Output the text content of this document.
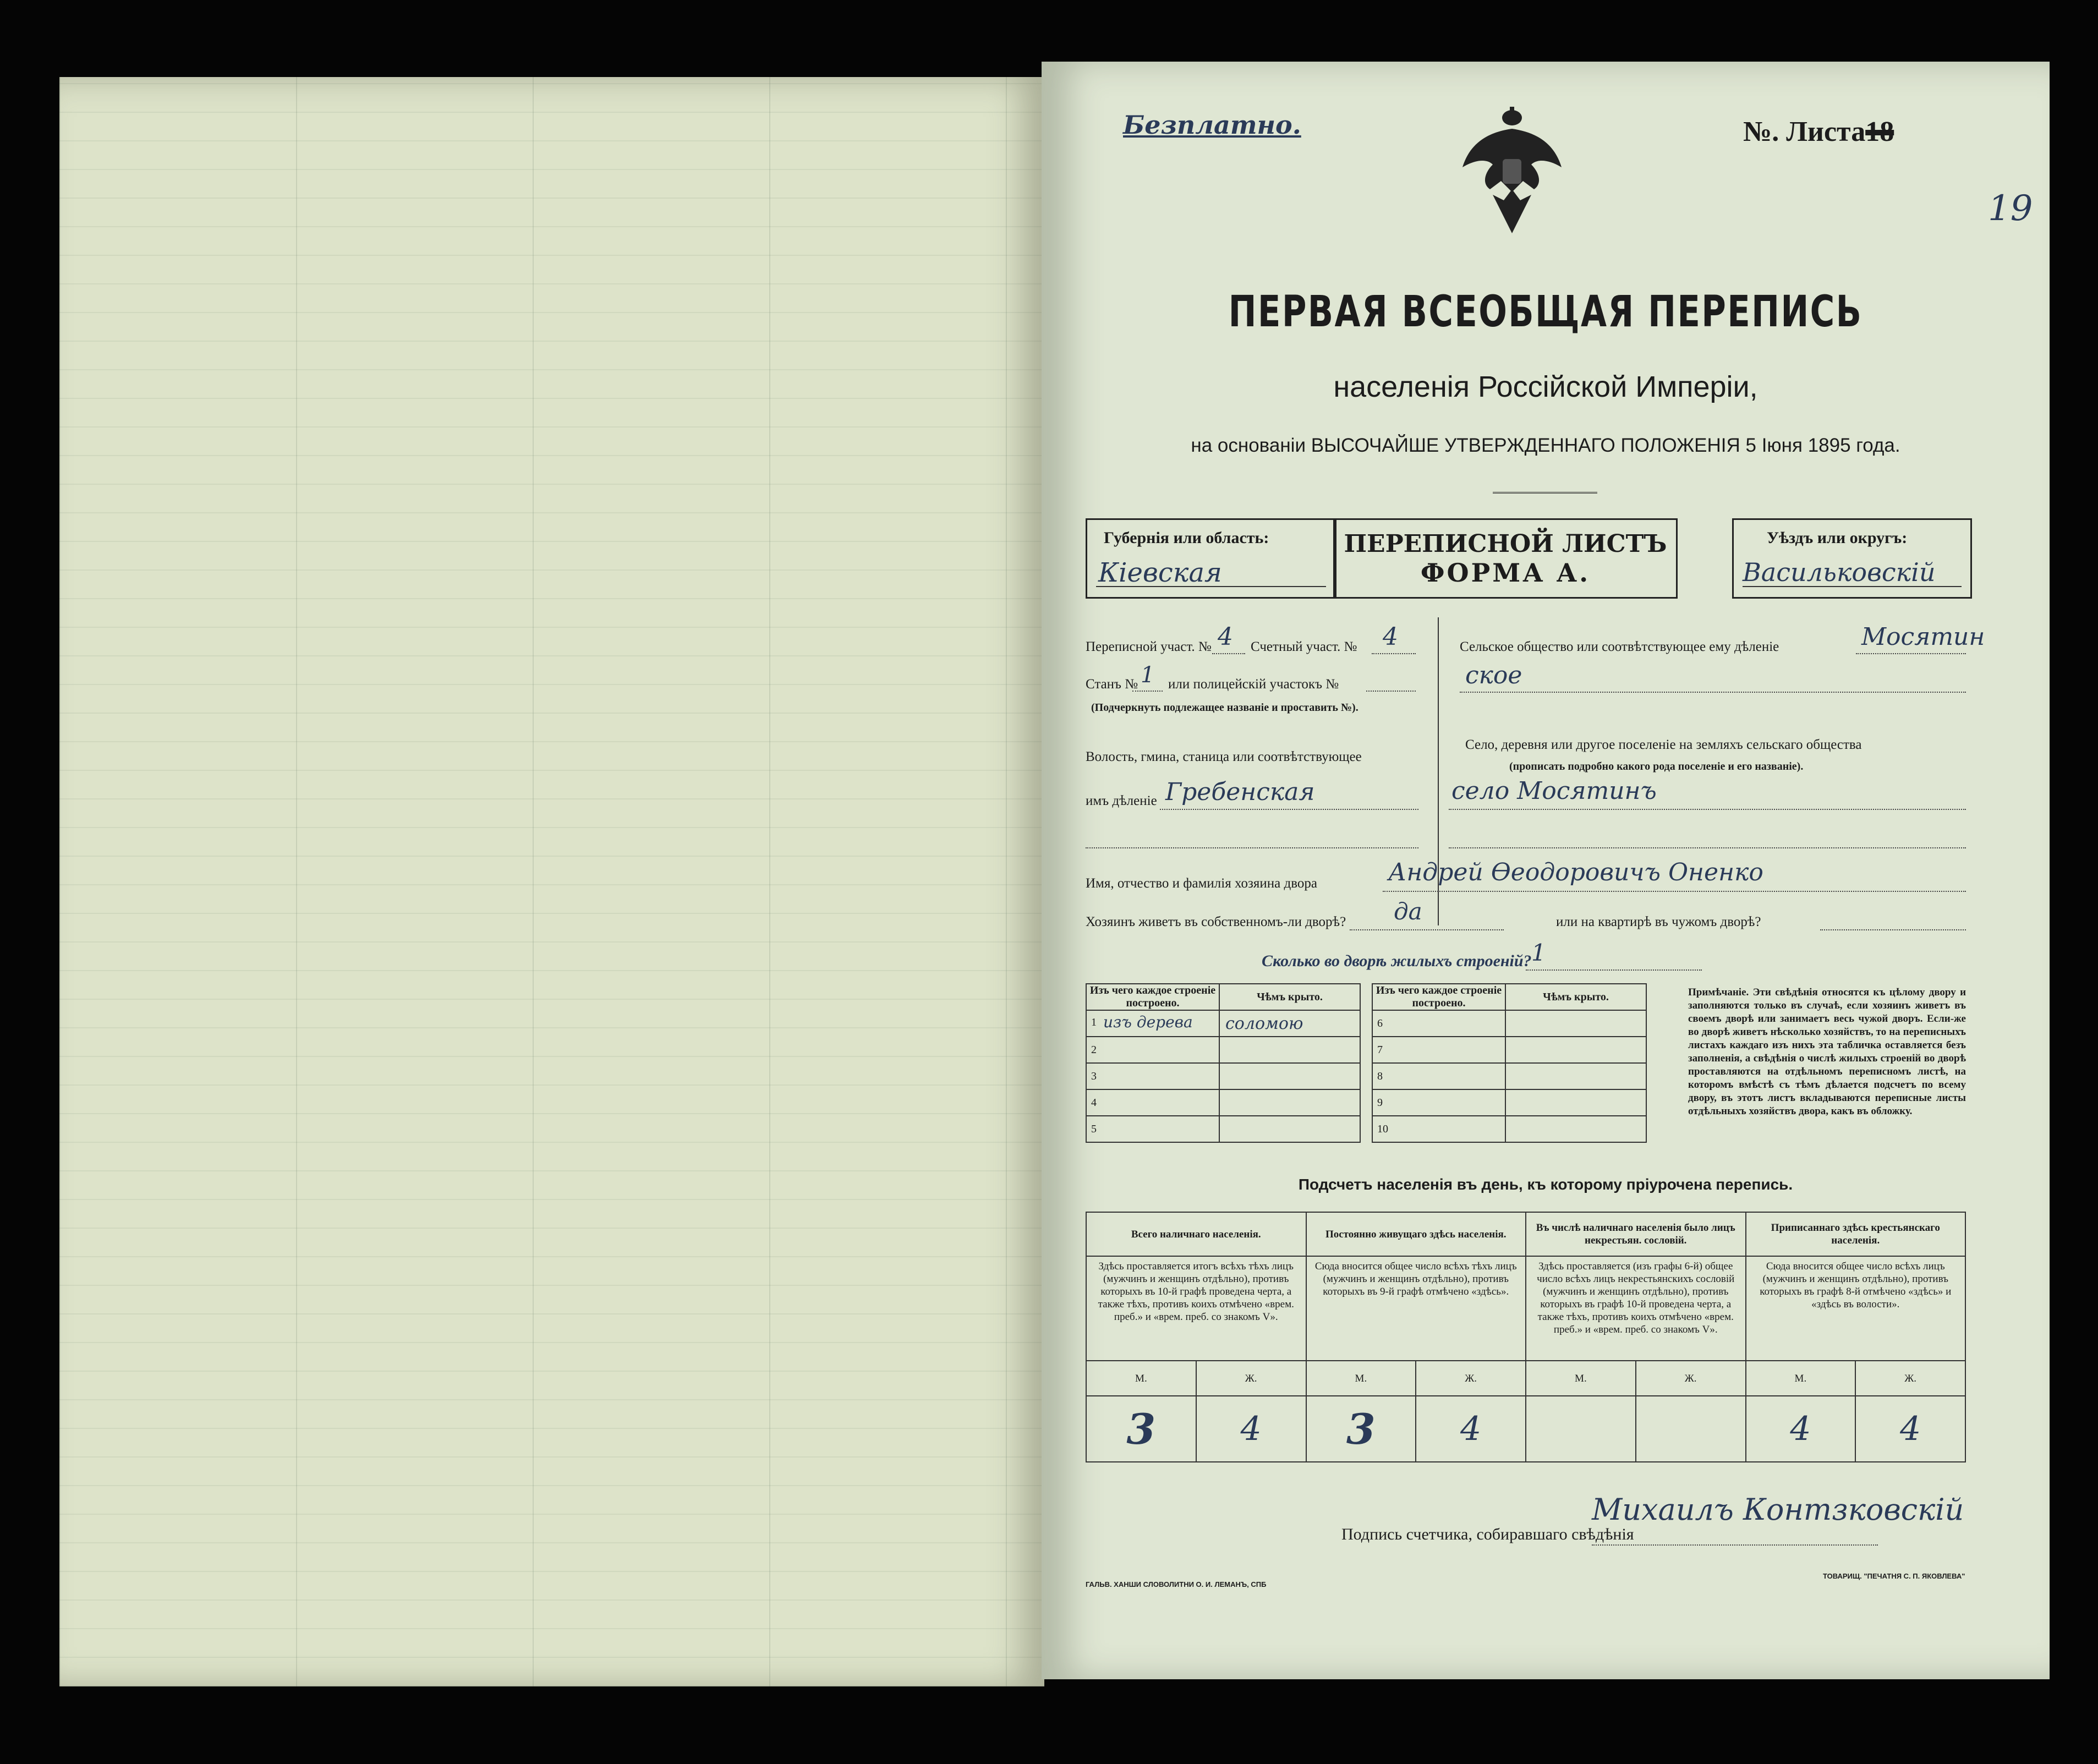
Безплатно.	№. Листа18
19
ПЕРВАЯ ВСЕОБЩАЯ ПЕРЕПИСЬ
населенія Россійской Имперіи,
на основаніи ВЫСОЧАЙШЕ УТВЕРЖДЕННАГО ПОЛОЖЕНІЯ 5 Іюня 1895 года.
Губернія или область:
Кіевская
ПЕРЕПИСНОЙ ЛИСТЪ
ФОРМА А.
Уѣздъ или округъ:
Васильковскій
Переписной участ. № 4 Счетный участ. № 4
Станъ № 1 или полицейскій участокъ №
(Подчеркнуть подлежащее названіе и проставить №).
Волость, гмина, станица или соотвѣтствующее
имъ дѣленіе Гребенская
Сельское общество или соотвѣтствующее ему дѣленіе	Мосятин
ское
Село, деревня или другое поселеніе на земляхъ сельскаго общества
(прописать подробно какого рода поселеніе и его названіе).
село Мосятинъ
Имя, отчество и фамилія хозяина двора	Андрей Өеодоровичъ Оненко
Хозяинъ живетъ въ собственномъ-ли дворѣ? да	или на квартирѣ въ чужомъ дворѣ?
Сколько во дворѣ жилыхъ строеній? 1
Изъ чего каждое строеніе построено.	Чѣмъ крыто.

1 изъ дерева	соломою
2	
3	
4	
5	
Изъ чего каждое строеніе построено.	Чѣмъ крыто.
6	
7	
8	
9	
10	
Примѣчаніе. Эти свѣдѣнія относятся къ цѣлому двору и заполняются только въ случаѣ, если хозяинъ живетъ въ своемъ дворѣ или занимаетъ весь чужой дворъ. Если-же во дворѣ живетъ нѣсколько хозяйствъ, то на переписныхъ листахъ каждаго изъ нихъ эта табличка оставляется безъ заполненія, а свѣдѣнія о числѣ жилыхъ строеній во дворѣ проставляются на отдѣльномъ переписномъ листѣ, на которомъ вмѣстѣ съ тѣмъ дѣлается подсчетъ по всему двору, въ этотъ листъ вкладываются переписные листы отдѣльныхъ хозяйствъ двора, какъ въ обложку.
Подсчетъ населенія въ день, къ которому пріурочена перепись.
Всего наличнаго населенія.		Постоянно живущаго здѣсь населенія.		Въ числѣ наличнаго населенія было лицъ некрестьян. сословій.		Приписаннаго здѣсь крестьянскаго населенія.	
Здѣсь проставляется итогъ всѣхъ тѣхъ лицъ (мужчинъ и женщинъ отдѣльно), противъ которыхъ въ 10-й графѣ проведена черта, а также тѣхъ, противъ коихъ отмѣчено «врем. преб.» и «врем. преб. со знакомъ V».		Сюда вносится общее число всѣхъ тѣхъ лицъ (мужчинъ и женщинъ отдѣльно), противъ которыхъ въ 9-й графѣ отмѣчено «здѣсь».		Здѣсь проставляется (изъ графы 6-й) общее число всѣхъ лицъ некрестьянскихъ сословій (мужчинъ и женщинъ отдѣльно), противъ которыхъ въ графѣ 10-й проведена черта, а также тѣхъ, противъ коихъ отмѣчено «врем. преб.» и «врем. преб. со знакомъ V».		Сюда вносится общее число всѣхъ лицъ (мужчинъ и женщинъ отдѣльно), противъ которыхъ въ графѣ 8-й отмѣчено «здѣсь» и «здѣсь въ волости».	
М.	Ж.	М.	Ж.	М.	Ж.	М.	Ж.
3	4	3	4			4	4
Подпись счетчика, собиравшаго свѣдѣнія
Михаилъ Контзковскій
ГАЛЬВ. ХАНШИ СЛОВОЛИТНИ О. И. ЛЕМАНЪ, СПБ
ТОВАРИЩ. "ПЕЧАТНЯ С. П. ЯКОВЛЕВА"
